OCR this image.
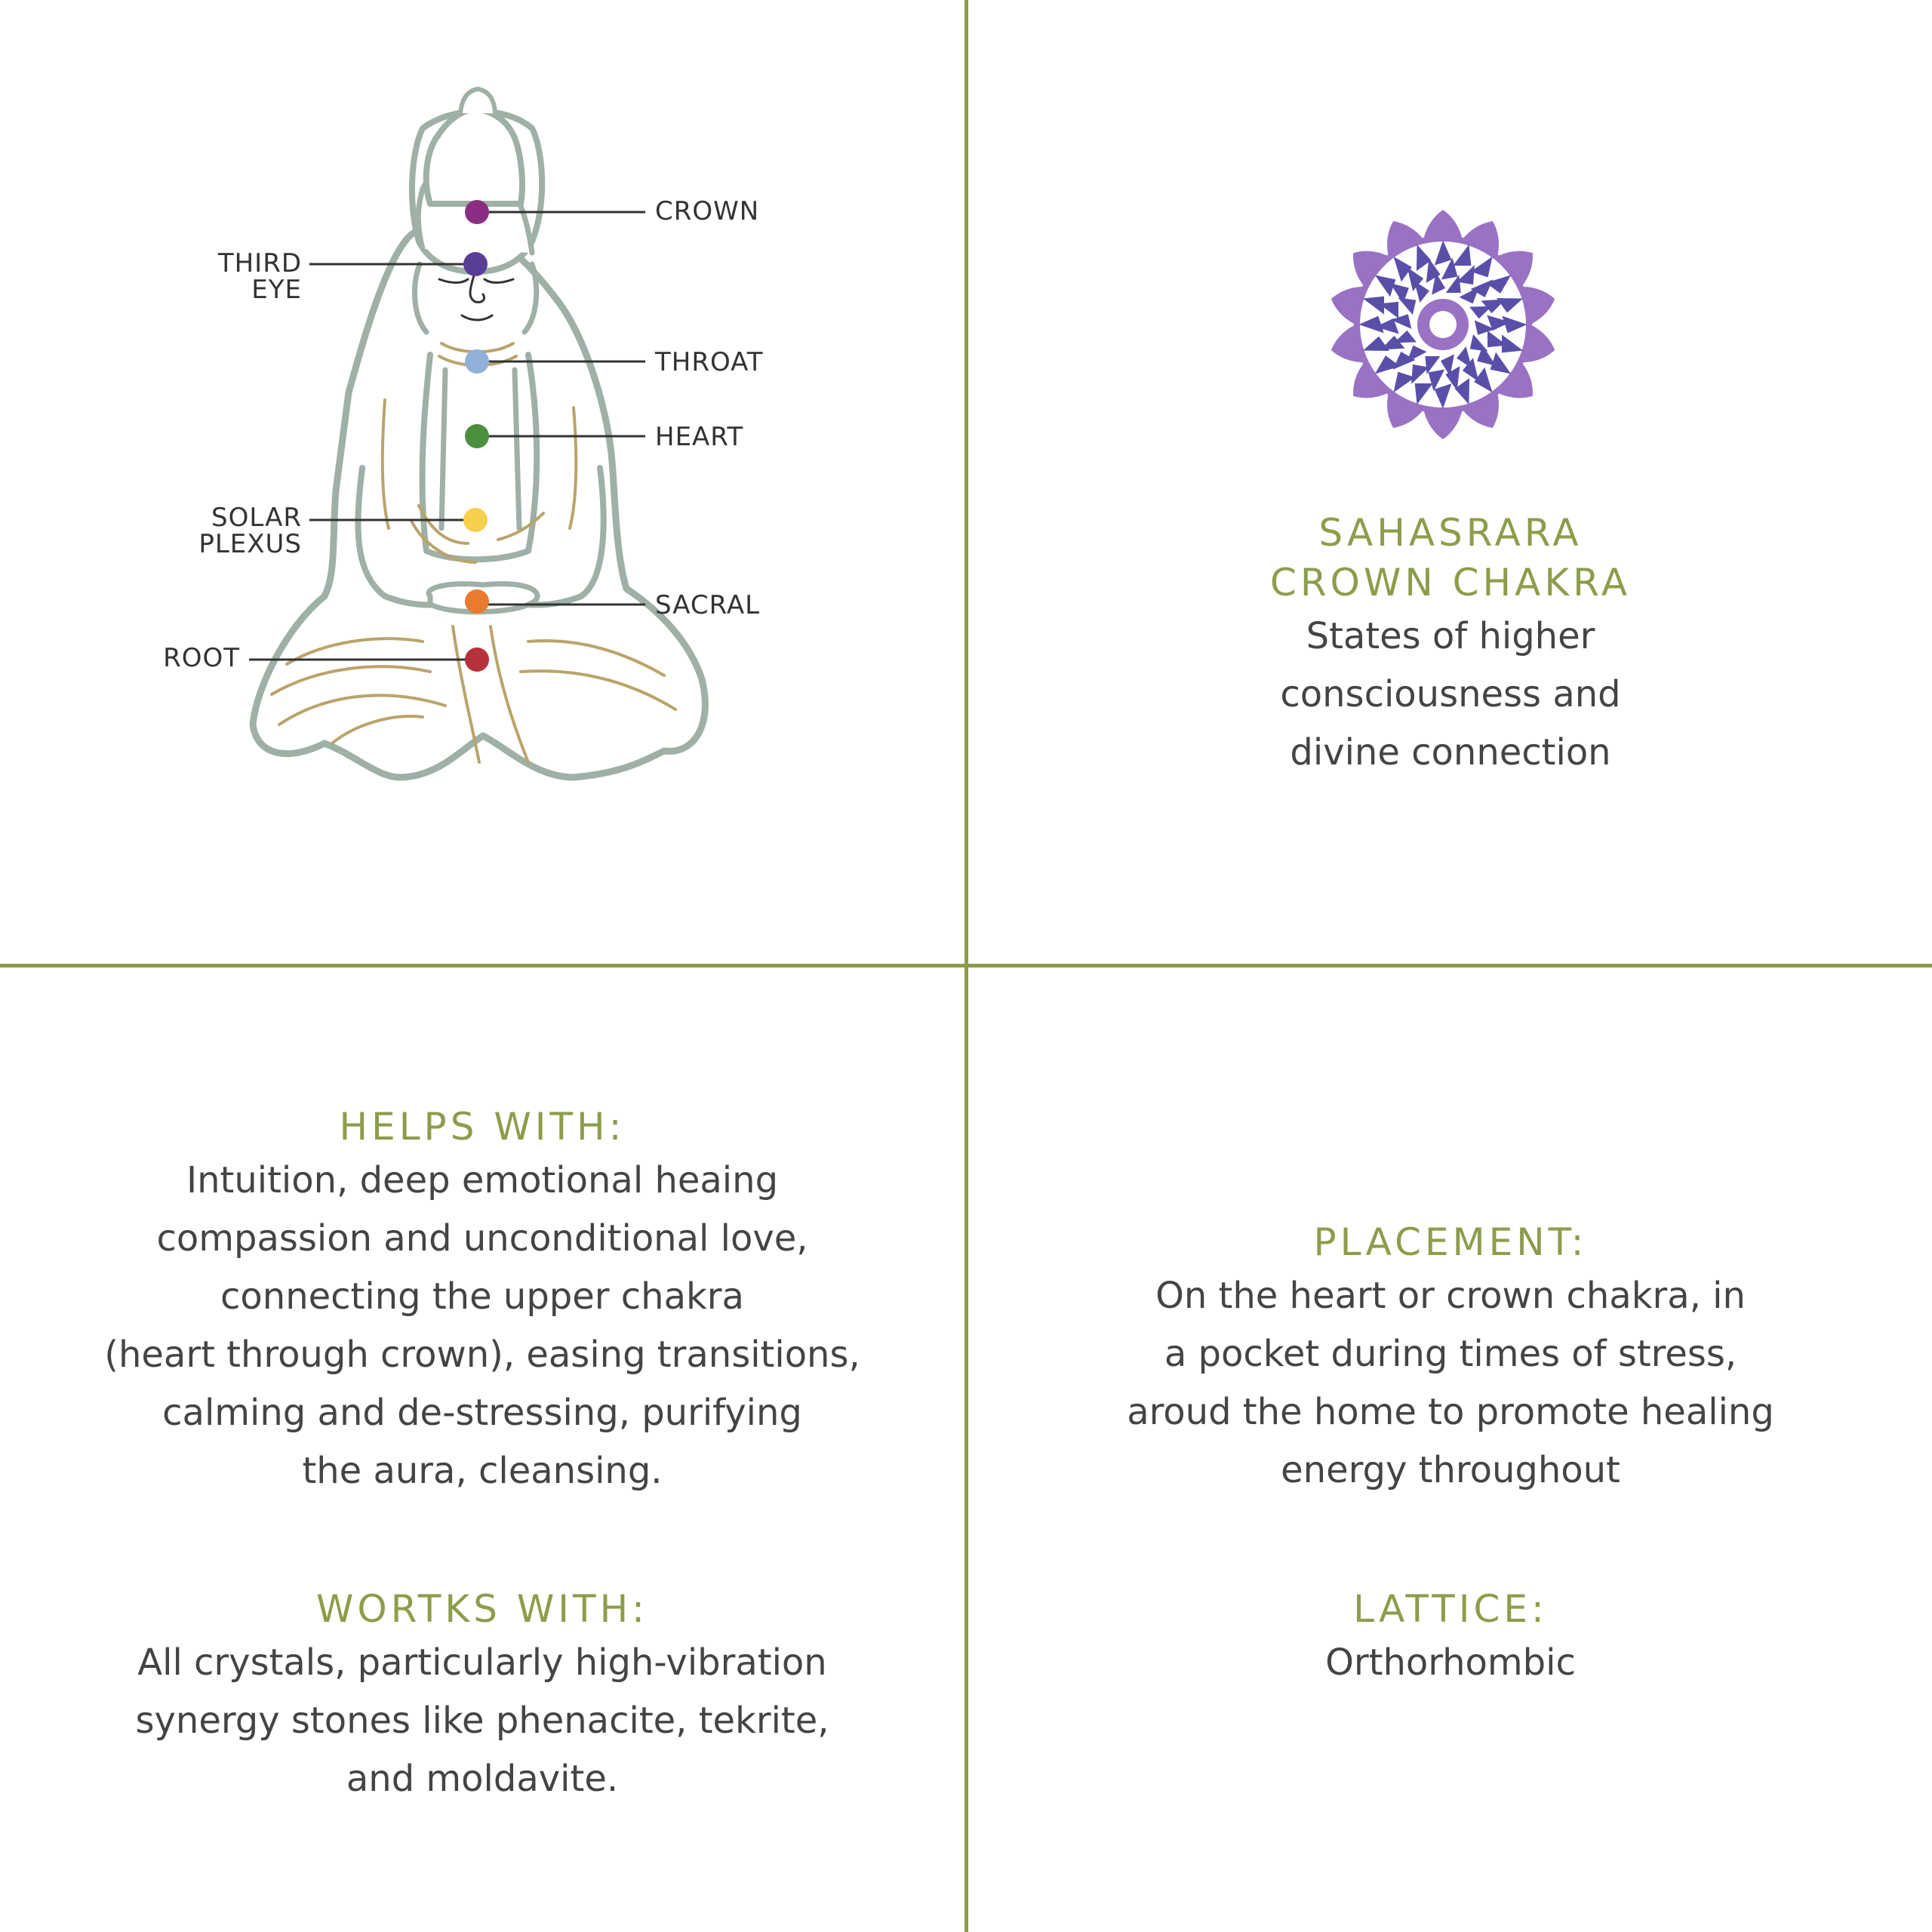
CROWN
THIRD
EYE
THROAT
HEART
SOLAR
PLEXUS
SACRAL
ROOT

SAHASRARA

CROWN CHAKRA

States of higher
consciousness and
divine connection

HELPS WITH:

Intuition, deep emotional heaing
compassion and unconditional love,
connecting the upper chakra
(heart through crown), easing transitions,
calming and de-stressing, purifying
the aura, cleansing.

WORTKS WITH:

All crystals, particularly high-vibration
synergy stones like phenacite, tekrite,
and moldavite.

PLACEMENT:

On the heart or crown chakra, in
a pocket during times of stress,
aroud the home to promote healing
energy throughout

LATTICE:

Orthorhombic
